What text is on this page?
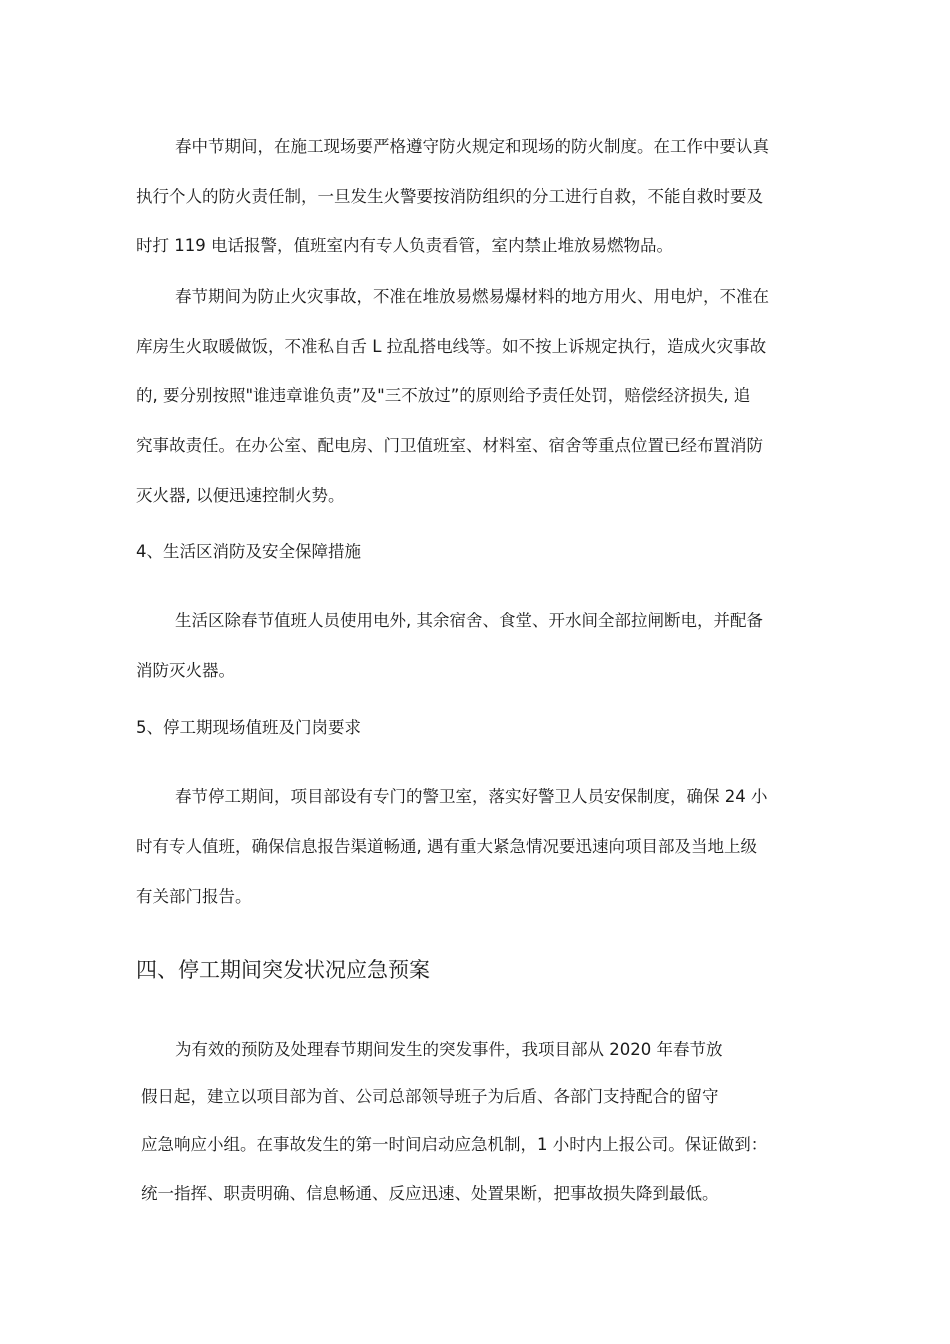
春中节期间，在施工现场要严格遵守防火规定和现场的防火制度。在工作中要认真
执行个人的防火责任制，一旦发生火警要按消防组织的分工进行自救，不能自救时要及
时打 119 电话报警，值班室内有专人负责看管，室内禁止堆放易燃物品。
春节期间为防止火灾事故，不准在堆放易燃易爆材料的地方用火、用电炉，不准在
库房生火取暖做饭，不准私自舌 L 拉乱搭电线等。如不按上诉规定执行，造成火灾事故
的, 要分别按照"谁违章谁负责”及"三不放过”的原则给予责任处罚，赔偿经济损失, 追
究事故责任。在办公室、配电房、门卫值班室、材料室、宿舍等重点位置已经布置消防
灭火器, 以便迅速控制火势。
4、生活区消防及安全保障措施
生活区除春节值班人员使用电外, 其余宿舍、食堂、开水间全部拉闸断电，并配备
消防灭火器。
5、停工期现场值班及门岗要求
春节停工期间，项目部设有专门的警卫室，落实好警卫人员安保制度，确保 24 小
时有专人值班，确保信息报告渠道畅通, 遇有重大紧急情况要迅速向项目部及当地上级
有关部门报告。
四、停工期间突发状况应急预案
为有效的预防及处理春节期间发生的突发事件，我项目部从 2020 年春节放
假日起，建立以项目部为首、公司总部领导班子为后盾、各部门支持配合的留守
应急响应小组。在事故发生的第一时间启动应急机制，1 小时内上报公司。保证做到：
统一指挥、职责明确、信息畅通、反应迅速、处置果断，把事故损失降到最低。
